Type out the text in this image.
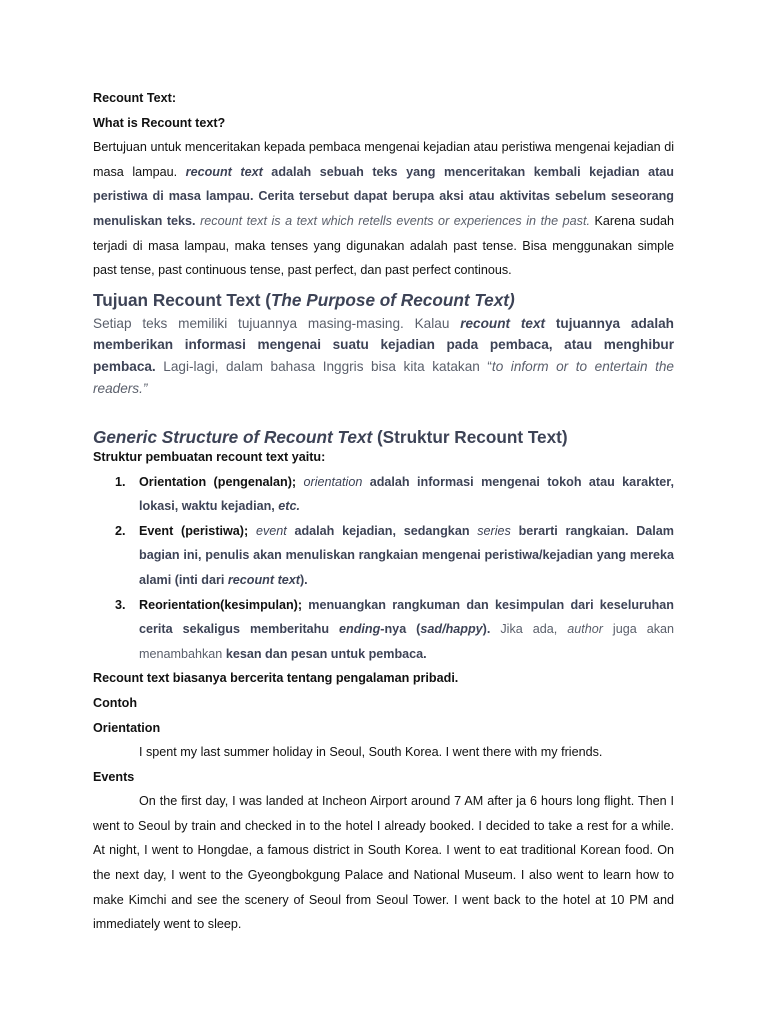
Recount Text:

What is Recount text?

Bertujuan untuk menceritakan kepada pembaca mengenai kejadian atau peristiwa mengenai kejadian di masa lampau. recount text adalah sebuah teks yang menceritakan kembali kejadian atau peristiwa di masa lampau. Cerita tersebut dapat berupa aksi atau aktivitas sebelum seseorang menuliskan teks. recount text is a text which retells events or experiences in the past. Karena sudah terjadi di masa lampau, maka tenses yang digunakan adalah past tense. Bisa menggunakan simple past tense, past continuous tense, past perfect, dan past perfect continous.

Tujuan Recount Text (The Purpose of Recount Text)

Setiap teks memiliki tujuannya masing-masing. Kalau recount text tujuannya adalah memberikan informasi mengenai suatu kejadian pada pembaca, atau menghibur pembaca. Lagi-lagi, dalam bahasa Inggris bisa kita katakan “to inform or to entertain the readers.”

Generic Structure of Recount Text (Struktur Recount Text)

Struktur pembuatan recount text yaitu:

1. Orientation (pengenalan); orientation adalah informasi mengenai tokoh atau karakter, lokasi, waktu kejadian, etc.
2. Event (peristiwa); event adalah kejadian, sedangkan series berarti rangkaian. Dalam bagian ini, penulis akan menuliskan rangkaian mengenai peristiwa/kejadian yang mereka alami (inti dari recount text).
3. Reorientation(kesimpulan); menuangkan rangkuman dan kesimpulan dari keseluruhan cerita sekaligus memberitahu ending-nya (sad/happy). Jika ada, author juga akan menambahkan kesan dan pesan untuk pembaca.

Recount text biasanya bercerita tentang pengalaman pribadi.

Contoh

Orientation

I spent my last summer holiday in Seoul, South Korea. I went there with my friends.

Events

On the first day, I was landed at Incheon Airport around 7 AM after ja 6 hours long flight. Then I went to Seoul by train and checked in to the hotel I already booked. I decided to take a rest for a while. At night, I went to Hongdae, a famous district in South Korea. I went to eat traditional Korean food. On the next day, I went to the Gyeongbokgung Palace and National Museum. I also went to learn how to make Kimchi and see the scenery of Seoul from Seoul Tower. I went back to the hotel at 10 PM and immediately went to sleep.
